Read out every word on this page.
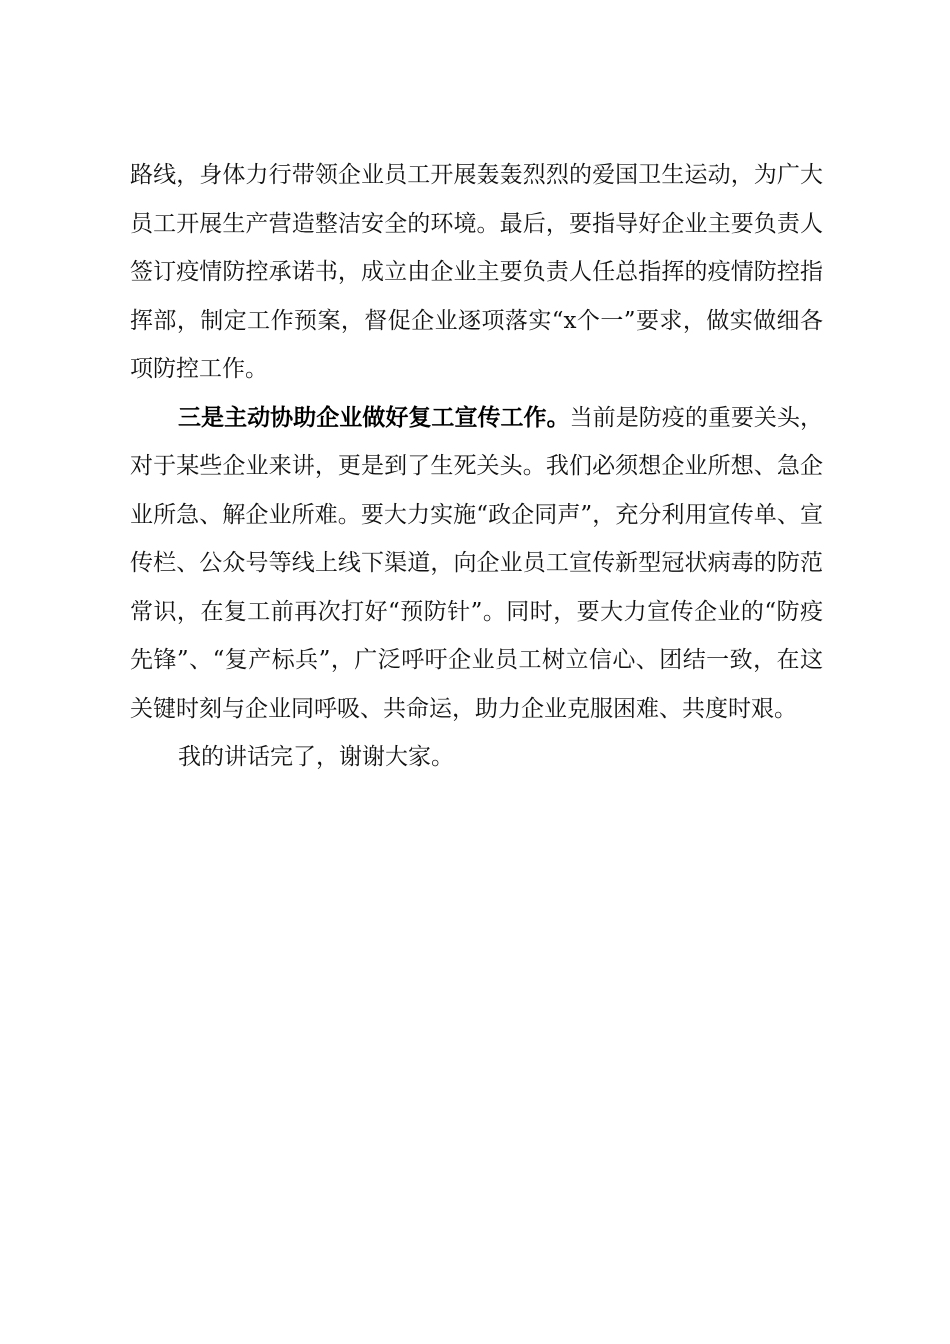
路线，身体力行带领企业员工开展轰轰烈烈的爱国卫生运动，为广大员工开展生产营造整洁安全的环境。最后，要指导好企业主要负责人签订疫情防控承诺书，成立由企业主要负责人任总指挥的疫情防控指挥部，制定工作预案，督促企业逐项落实“x个一”要求，做实做细各项防控工作。

三是主动协助企业做好复工宣传工作。当前是防疫的重要关头，对于某些企业来讲，更是到了生死关头。我们必须想企业所想、急企业所急、解企业所难。要大力实施“政企同声”，充分利用宣传单、宣传栏、公众号等线上线下渠道，向企业员工宣传新型冠状病毒的防范常识，在复工前再次打好“预防针”。同时，要大力宣传企业的“防疫先锋”、“复产标兵”，广泛呼吁企业员工树立信心、团结一致，在这关键时刻与企业同呼吸、共命运，助力企业克服困难、共度时艰。

我的讲话完了，谢谢大家。
